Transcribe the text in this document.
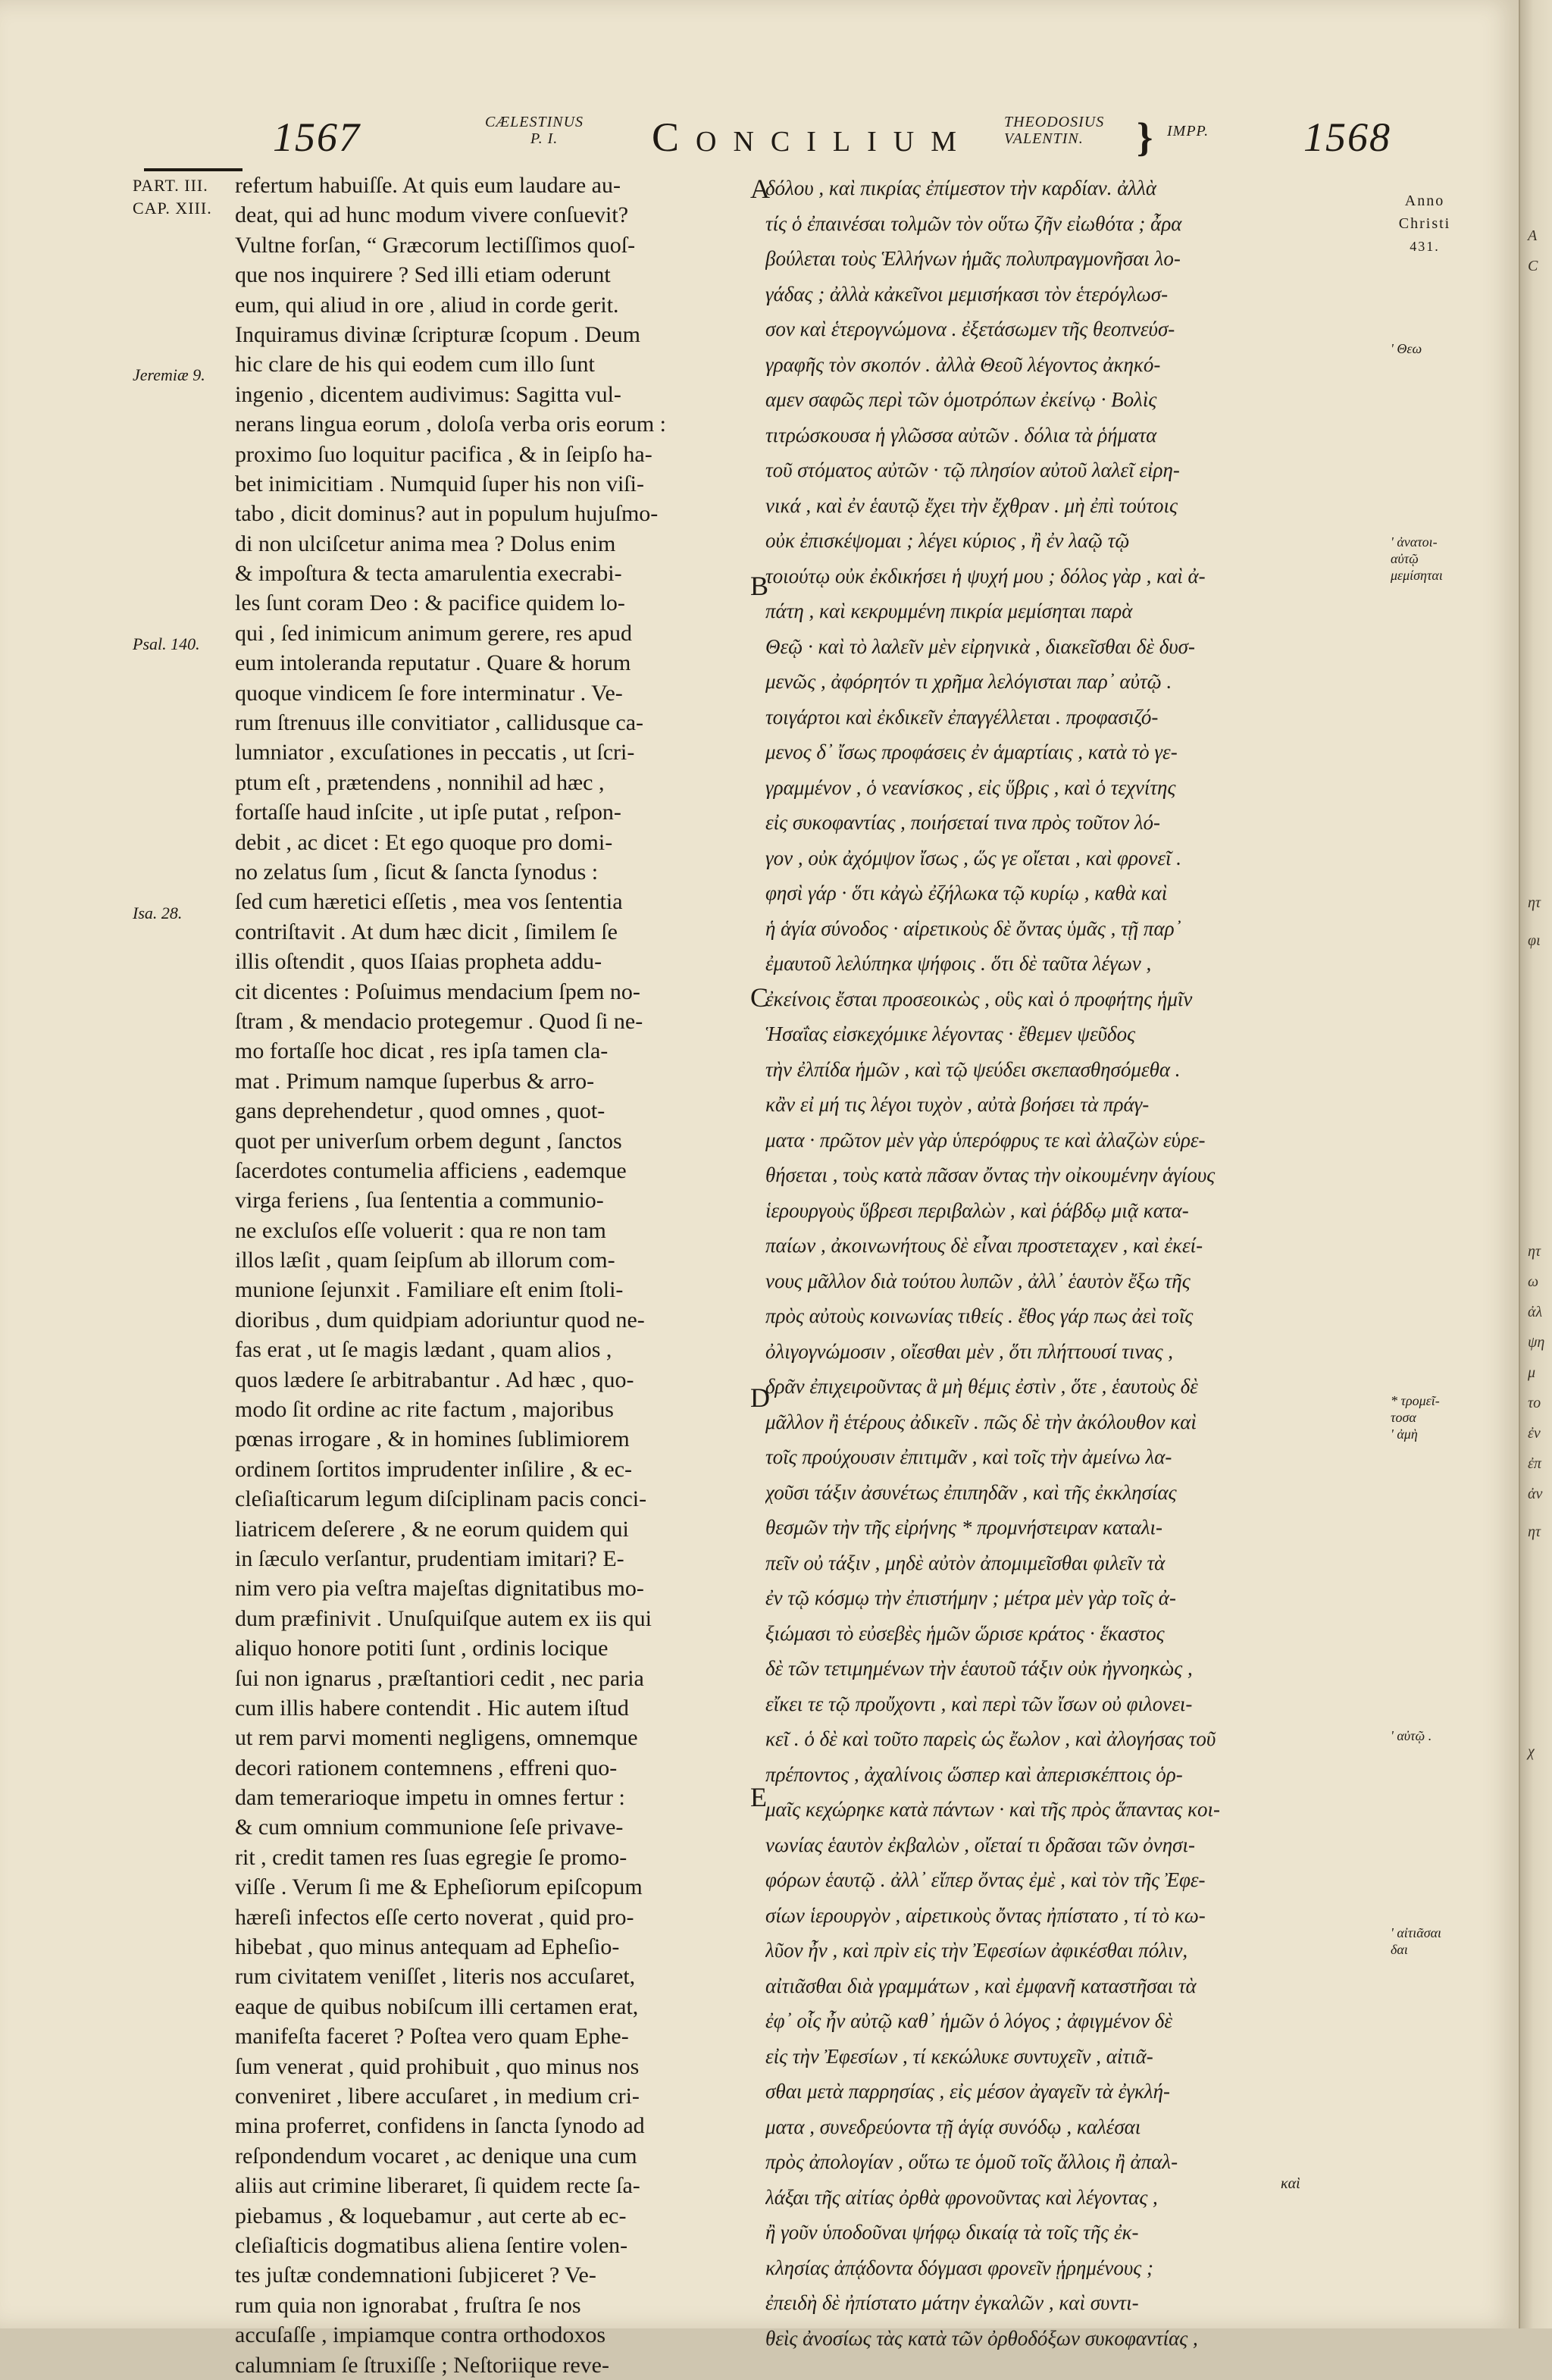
1567	CÆLESTINUS
P. I. Concilium THEODOSIUS
VALENTIN. } IMPP. 1568
PART. III.
CAP. XIII.
Jeremiæ 9.
Psal. 140.
Isa. 28.
refertum habuiſſe. At quis eum laudare au-
deat, qui ad hunc modum vivere conſuevit?
Vultne forſan, “ Græcorum lectiſſimos quoſ-
que nos inquirere ? Sed illi etiam oderunt
eum, qui aliud in ore , aliud in corde gerit.
Inquiramus divinæ ſcripturæ ſcopum . Deum
hic clare de his qui eodem cum illo ſunt
ingenio , dicentem audivimus: Sagitta vul-
nerans lingua eorum , doloſa verba oris eorum :
proximo ſuo loquitur pacifica , & in ſeipſo ha-
bet inimicitiam . Numquid ſuper his non viſi-
tabo , dicit dominus? aut in populum hujuſmo-
di non ulciſcetur anima mea ? Dolus enim
& impoſtura & tecta amarulentia execrabi-
les ſunt coram Deo : & pacifice quidem lo-
qui , ſed inimicum animum gerere, res apud
eum intoleranda reputatur . Quare & horum
quoque vindicem ſe fore interminatur . Ve-
rum ſtrenuus ille convitiator , callidusque ca-
lumniator , excuſationes in peccatis , ut ſcri-
ptum eſt , prætendens , nonnihil ad hæc ,
fortaſſe haud inſcite , ut ipſe putat , reſpon-
debit , ac dicet : Et ego quoque pro domi-
no zelatus ſum , ſicut & ſancta ſynodus :
ſed cum hæretici eſſetis , mea vos ſententia
contriſtavit . At dum hæc dicit , ſimilem ſe
illis oſtendit , quos Iſaias propheta addu-
cit dicentes : Poſuimus mendacium ſpem no-
ſtram , & mendacio protegemur . Quod ſi ne-
mo fortaſſe hoc dicat , res ipſa tamen cla-
mat . Primum namque ſuperbus & arro-
gans deprehendetur , quod omnes , quot-
quot per univerſum orbem degunt , ſanctos
ſacerdotes contumelia afficiens , eademque
virga feriens , ſua ſententia a communio-
ne excluſos eſſe voluerit : qua re non tam
illos læſit , quam ſeipſum ab illorum com-
munione ſejunxit . Familiare eſt enim ſtoli-
dioribus , dum quidpiam adoriuntur quod ne-
fas erat , ut ſe magis lædant , quam alios ,
quos lædere ſe arbitrabantur . Ad hæc , quo-
modo ſit ordine ac rite factum , majoribus
pœnas irrogare , & in homines ſublimiorem
ordinem ſortitos imprudenter inſilire , & ec-
cleſiaſticarum legum diſciplinam pacis conci-
liatricem deſerere , & ne eorum quidem qui
in ſæculo verſantur, prudentiam imitari? E-
nim vero pia veſtra majeſtas dignitatibus mo-
dum præfinivit . Unuſquiſque autem ex iis qui
aliquo honore potiti ſunt , ordinis locique
ſui non ignarus , præſtantiori cedit , nec paria
cum illis habere contendit . Hic autem iſtud
ut rem parvi momenti negligens, omnemque
decori rationem contemnens , effreni quo-
dam temerarioque impetu in omnes fertur :
& cum omnium communione ſeſe privave-
rit , credit tamen res ſuas egregie ſe promo-
viſſe . Verum ſi me & Epheſiorum epiſcopum
hæreſi infectos eſſe certo noverat , quid pro-
hibebat , quo minus antequam ad Epheſio-
rum civitatem veniſſet , literis nos accuſaret,
eaque de quibus nobiſcum illi certamen erat,
manifeſta faceret ? Poſtea vero quam Ephe-
ſum venerat , quid prohibuit , quo minus nos
conveniret , libere accuſaret , in medium cri-
mina proferret, confidens in ſancta ſynodo ad
reſpondendum vocaret , ac denique una cum
aliis aut crimine liberaret, ſi quidem recte ſa-
piebamus , & loquebamur , aut certe ab ec-
cleſiaſticis dogmatibus aliena ſentire volen-
tes juſtæ condemnationi ſubjiceret ? Ve-
rum quia non ignorabat , fruſtra ſe nos
accuſaſſe , impiamque contra orthodoxos
calumniam ſe ſtruxiſſe ; Neſtoriique reve-
A
B
C
D
E
δόλου , καὶ πικρίας ἐπίμεστον τὴν καρδίαν. ἀλλὰ
τίς ὁ ἐπαινέσαι τολμῶν τὸν οὕτω ζῆν εἰωθότα ; ἆρα
βούλεται τοὺς Ἑλλήνων ἡμᾶς πολυπραγμονῆσαι λο-
γάδας ; ἀλλὰ κἀκεῖνοι μεμισήκασι τὸν ἑτερόγλωσ-
σον καὶ ἑτερογνώμονα . ἐξετάσωμεν τῆς θεοπνεύσ-
γραφῆς τὸν σκοπόν . ἀλλὰ Θεοῦ λέγοντος ἀκηκό-
αμεν σαφῶς περὶ τῶν ὁμοτρόπων ἐκείνῳ · Βολὶς
τιτρώσκουσα ἡ γλῶσσα αὐτῶν . δόλια τὰ ῥήματα
τοῦ στόματος αὐτῶν · τῷ πλησίον αὐτοῦ λαλεῖ εἰρη-
νικά , καὶ ἐν ἑαυτῷ ἔχει τὴν ἔχθραν . μὴ ἐπὶ τούτοις
οὐκ ἐπισκέψομαι ; λέγει κύριος , ἢ ἐν λαῷ τῷ
τοιούτῳ οὐκ ἐκδικήσει ἡ ψυχή μου ; δόλος γὰρ , καὶ ἀ-
πάτη , καὶ κεκρυμμένη πικρία μεμίσηται παρὰ
Θεῷ · καὶ τὸ λαλεῖν μὲν εἰρηνικὰ , διακεῖσθαι δὲ δυσ-
μενῶς , ἀφόρητόν τι χρῆμα λελόγισται παρ᾽ αὐτῷ .
τοιγάρτοι καὶ ἐκδικεῖν ἐπαγγέλλεται . προφασιζό-
μενος δ᾽ ἴσως προφάσεις ἐν ἁμαρτίαις , κατὰ τὸ γε-
γραμμένον , ὁ νεανίσκος , εἰς ὕβρις , καὶ ὁ τεχνίτης
εἰς συκοφαντίας , ποιήσεταί τινα πρὸς τοῦτον λό-
γον , οὐκ ἀχόμψον ἴσως , ὥς γε οἴεται , καὶ φρονεῖ .
φησὶ γάρ · ὅτι κἀγὼ ἐζήλωκα τῷ κυρίῳ , καθὰ καὶ
ἡ ἁγία σύνοδος · αἱρετικοὺς δὲ ὄντας ὑμᾶς , τῇ παρ᾽
ἐμαυτοῦ λελύπηκα ψήφοις . ὅτι δὲ ταῦτα λέγων ,
ἐκείνοις ἔσται προσεοικὼς , οὓς καὶ ὁ προφήτης ἡμῖν
Ἡσαΐας εἰσκεχόμικε λέγοντας · ἔθεμεν ψεῦδος
τὴν ἐλπίδα ἡμῶν , καὶ τῷ ψεύδει σκεπασθησόμεθα .
κἂν εἰ μή τις λέγοι τυχὸν , αὐτὰ βοήσει τὰ πράγ-
ματα · πρῶτον μὲν γὰρ ὑπερόφρυς τε καὶ ἀλαζὼν εὑρε-
θήσεται , τοὺς κατὰ πᾶσαν ὄντας τὴν οἰκουμένην ἁγίους
ἱερουργοὺς ὕβρεσι περιβαλὼν , καὶ ῥάβδῳ μιᾷ κατα-
παίων , ἀκοινωνήτους δὲ εἶναι προστεταχεν , καὶ ἐκεί-
νους μᾶλλον διὰ τούτου λυπῶν , ἀλλ᾽ ἑαυτὸν ἔξω τῆς
πρὸς αὐτοὺς κοινωνίας τιθείς . ἔθος γάρ πως ἀεὶ τοῖς
ὀλιγογνώμοσιν , οἴεσθαι μὲν , ὅτι πλήττουσί τινας ,
δρᾶν ἐπιχειροῦντας ἃ μὴ θέμις ἐστὶν , ὅτε , ἑαυτοὺς δὲ
μᾶλλον ἢ ἑτέρους ἀδικεῖν . πῶς δὲ τὴν ἀκόλουθον καὶ
τοῖς προύχουσιν ἐπιτιμᾶν , καὶ τοῖς τὴν ἀμείνω λα-
χοῦσι τάξιν ἀσυνέτως ἐπιπηδᾶν , καὶ τῆς ἐκκλησίας
θεσμῶν τὴν τῆς εἰρήνης * προμνήστειραν καταλι-
πεῖν οὐ τάξιν , μηδὲ αὐτὸν ἀπομιμεῖσθαι φιλεῖν τὰ
ἐν τῷ κόσμῳ τὴν ἐπιστήμην ; μέτρα μὲν γὰρ τοῖς ἀ-
ξιώμασι τὸ εὐσεβὲς ἡμῶν ὥρισε κράτος · ἕκαστος
δὲ τῶν τετιμημένων τὴν ἑαυτοῦ τάξιν οὐκ ἠγνοηκὼς ,
εἴκει τε τῷ προὔχοντι , καὶ περὶ τῶν ἴσων οὐ φιλονει-
κεῖ . ὁ δὲ καὶ τοῦτο παρεὶς ὡς ἔωλον , καὶ ἀλογήσας τοῦ
πρέποντος , ἀχαλίνοις ὥσπερ καὶ ἀπερισκέπτοις ὁρ-
μαῖς κεχώρηκε κατὰ πάντων · καὶ τῆς πρὸς ἅπαντας κοι-
νωνίας ἑαυτὸν ἐκβαλὼν , οἴεταί τι δρᾶσαι τῶν ὀνησι-
φόρων ἑαυτῷ . ἀλλ᾽ εἴπερ ὄντας ἐμὲ , καὶ τὸν τῆς Ἐφε-
σίων ἱερουργὸν , αἱρετικοὺς ὄντας ἠπίστατο , τί τὸ κω-
λῦον ἦν , καὶ πρὶν εἰς τὴν Ἐφεσίων ἀφικέσθαι πόλιν,
αἰτιᾶσθαι διὰ γραμμάτων , καὶ ἐμφανῆ καταστῆσαι τὰ
ἐφ᾽ οἷς ἦν αὐτῷ καθ᾽ ἡμῶν ὁ λόγος ; ἀφιγμένον δὲ
εἰς τὴν Ἐφεσίων , τί κεκώλυκε συντυχεῖν , αἰτιᾶ-
σθαι μετὰ παρρησίας , εἰς μέσον ἀγαγεῖν τὰ ἐγκλή-
ματα , συνεδρεύοντα τῇ ἁγίᾳ συνόδῳ , καλέσαι
πρὸς ἀπολογίαν , οὕτω τε ὁμοῦ τοῖς ἄλλοις ἢ ἀπαλ-
λάξαι τῆς αἰτίας ὀρθὰ φρονοῦντας καὶ λέγοντας ,
ἢ γοῦν ὑποδοῦναι ψήφῳ δικαίᾳ τὰ τοῖς τῆς ἐκ-
κλησίας ἀπᾴδοντα δόγμασι φρονεῖν ᾑρημένους ;
ἐπειδὴ δὲ ἠπίστατο μάτην ἐγκαλῶν , καὶ συντι-
θεὶς ἀνοσίως τὰς κατὰ τῶν ὀρθοδόξων συκοφαντίας ,
Anno Christi
431.
' Θεω
' ἀνατοι-
αὐτῷ
μεμίσηται
* τρομεῖ-
τοσα
' ἀμὴ
' αὐτῷ .
' αἰτιᾶσαι
δαι
καὶ
A
C
ητ
φι
ητ
ω
ἀλ
ψη
μ
το
ἐν
ἐπ
ἀν
ητ
χ
